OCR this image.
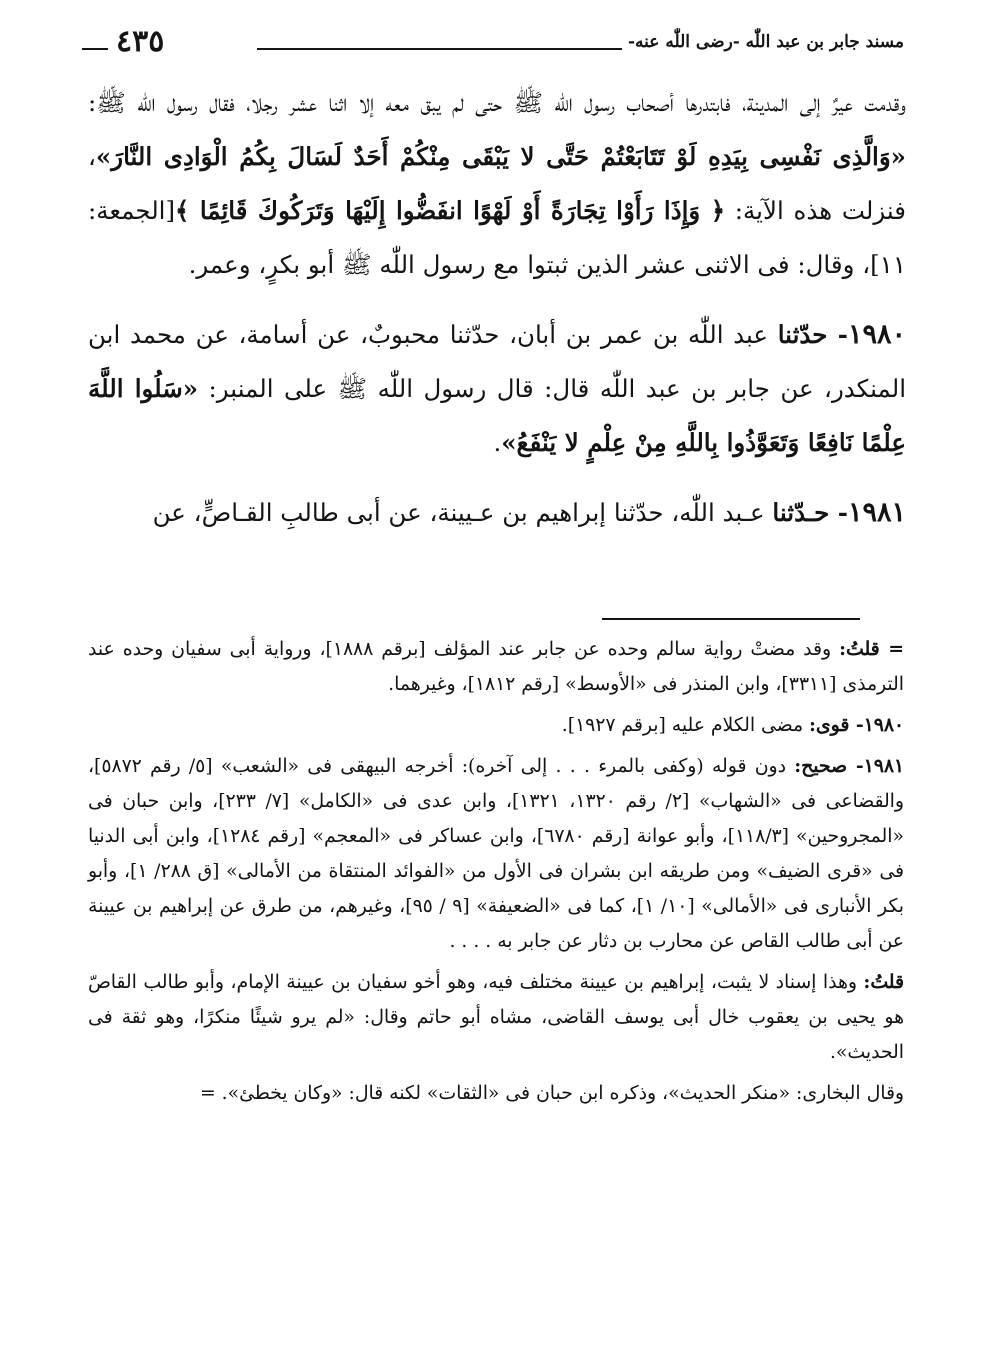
مسند جابر بن عبد اللّٰه -رضى اللّٰه عنه-
٤٣٥

وقدمت عيرٌ إلى المدينة، فابتدرها أصحاب رسول اللّٰه ﷺ حتى لم يبق معه إلا اثنا عشر رجلا، فقال رسول اللّٰه ﷺ: «وَالَّذِى نَفْسِى بِيَدِهِ لَوْ تَتَابَعْتُمْ حَتَّى لا يَبْقَى مِنْكُمْ أَحَدٌ لَسَالَ بِكُمُ الْوَادِى النَّارَ»، فنزلت هذه الآية: ﴿ وَإِذَا رَأَوْا تِجَارَةً أَوْ لَهْوًا انفَضُّوا إِلَيْهَا وَتَرَكُوكَ قَائِمًا ﴾[الجمعة: ١١]، وقال: فى الاثنى عشر الذين ثبتوا مع رسول اللّٰه ﷺ أبو بكرٍ، وعمر.

١٩٨٠- حدّثنا عبد اللّٰه بن عمر بن أبان، حدّثنا محبوبٌ، عن أسامة، عن محمد ابن المنكدر، عن جابر بن عبد اللّٰه قال: قال رسول اللّٰه ﷺ على المنبر: «سَلُوا اللَّهَ عِلْمًا نَافِعًا وَتَعَوَّذُوا بِاللَّهِ مِنْ عِلْمٍ لا يَنْفَعُ».

١٩٨١- حـدّثنا عـبد اللّٰه، حدّثنا إبراهيم بن عـيينة، عن أبى طالبِ القـاصٍّ، عن

= قلتُ: وقد مضتْ رواية سالم وحده عن جابر عند المؤلف [برقم ١٨٨٨]، ورواية أبى سفيان وحده عند الترمذى [٣٣١١]، وابن المنذر فى «الأوسط» [رقم ١٨١٢]، وغيرهما.

١٩٨٠- قوى: مضى الكلام عليه [برقم ١٩٢٧].

١٩٨١- صحيح: دون قوله (وكفى بالمرء . . . إلى آخره): أخرجه البيهقى فى «الشعب» [٥/ رقم ٥٨٧٢]، والقضاعى فى «الشهاب» [٢/ رقم ١٣٢٠، ١٣٢١]، وابن عدى فى «الكامل» [٧/ ٢٣٣]، وابن حبان فى «المجروحين» [١١٨/٣]، وأبو عوانة [رقم ٦٧٨٠]، وابن عساكر فى «المعجم» [رقم ١٢٨٤]، وابن أبى الدنيا فى «قرى الضيف» ومن طريقه ابن بشران فى الأول من «الفوائد المنتقاة من الأمالى» [ق ٢٨٨/ ١]، وأبو بكر الأنبارى فى «الأمالى» [١٠/ ١]، كما فى «الضعيفة» [٩ / ٩٥]، وغيرهم، من طرق عن إبراهيم بن عيينة عن أبى طالب القاص عن محارب بن دثار عن جابر به . . . .

قلتُ: وهذا إسناد لا يثبت، إبراهيم بن عيينة مختلف فيه، وهو أخو سفيان بن عيينة الإمام، وأبو طالب القاصّ هو يحيى بن يعقوب خال أبى يوسف القاضى، مشاه أبو حاتم وقال: «لم يرو شيئًا منكرًا، وهو ثقة فى الحديث».

وقال البخارى: «منكر الحديث»، وذكره ابن حبان فى «الثقات» لكنه قال: «وكان يخطئ». =
